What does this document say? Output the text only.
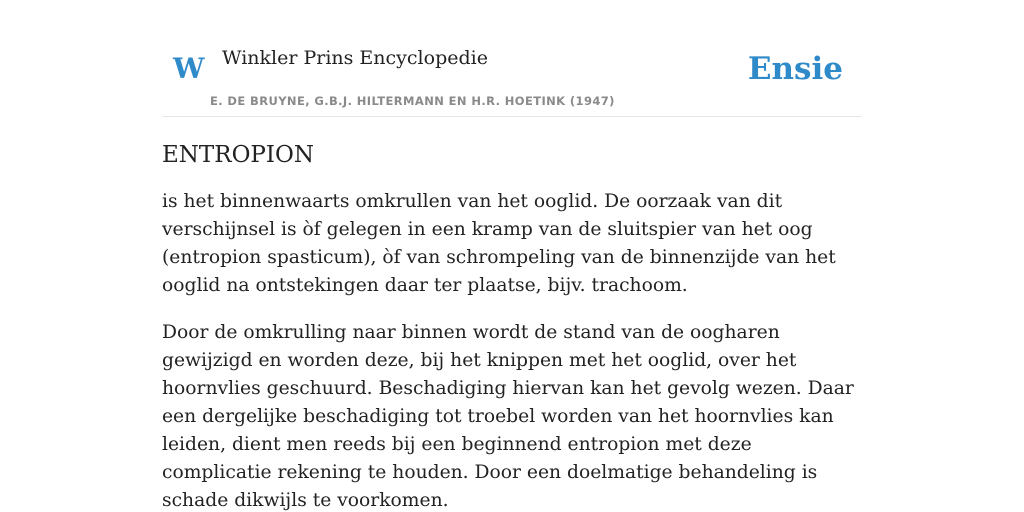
W Winkler Prins Encyclopedie
E. DE BRUYNE, G.B.J. HILTERMANN EN H.R. HOETINK (1947)
Ensie
ENTROPION

is het binnenwaarts omkrullen van het ooglid. De oorzaak van dit verschijnsel is òf gelegen in een kramp van de sluitspier van het oog (entropion spasticum), òf van schrompeling van de binnenzijde van het ooglid na ontstekingen daar ter plaatse, bijv. trachoom.

Door de omkrulling naar binnen wordt de stand van de oogharen gewijzigd en worden deze, bij het knippen met het ooglid, over het hoornvlies geschuurd. Beschadiging hiervan kan het gevolg wezen. Daar een dergelijke beschadiging tot troebel worden van het hoornvlies kan leiden, dient men reeds bij een beginnend entropion met deze complicatie rekening te houden. Door een doelmatige behandeling is schade dikwijls te voorkomen.
